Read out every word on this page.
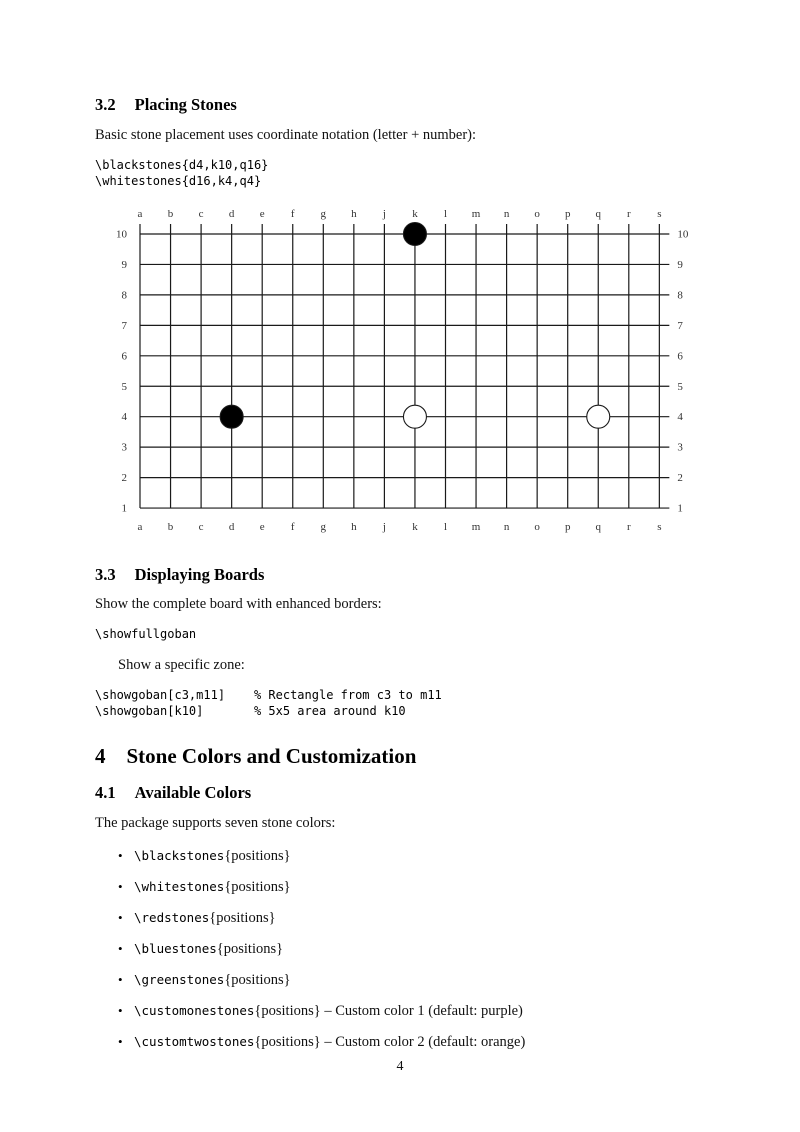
3.2 Placing Stones

Basic stone placement uses coordinate notation (letter + number):

\blackstones{d4,k10,q16}
\whitestones{d16,k4,q4}
a
a
b
b
c
c
d
d
e
e
f
f
g
g
h
h
j
j
k
k
l
l
m
m
n
n
o
o
p
p
q
q
r
r
s
s
10	10
9	9
8	8
7	7
6	6
5	5
4	4
3	3
2	2
1	1
3.3 Displaying Boards

Show the complete board with enhanced borders:

\showfullgoban

Show a specific zone:

\showgoban[c3,m11]    % Rectangle from c3 to m11
\showgoban[k10]       % 5x5 area around k10
4 Stone Colors and Customization
4.1 Available Colors

The package supports seven stone colors:

• \blackstones{positions}
• \whitestones{positions}
• \redstones{positions}
• \bluestones{positions}
• \greenstones{positions}
• \customonestones{positions} – Custom color 1 (default: purple)
• \customtwostones{positions} – Custom color 2 (default: orange)
4
